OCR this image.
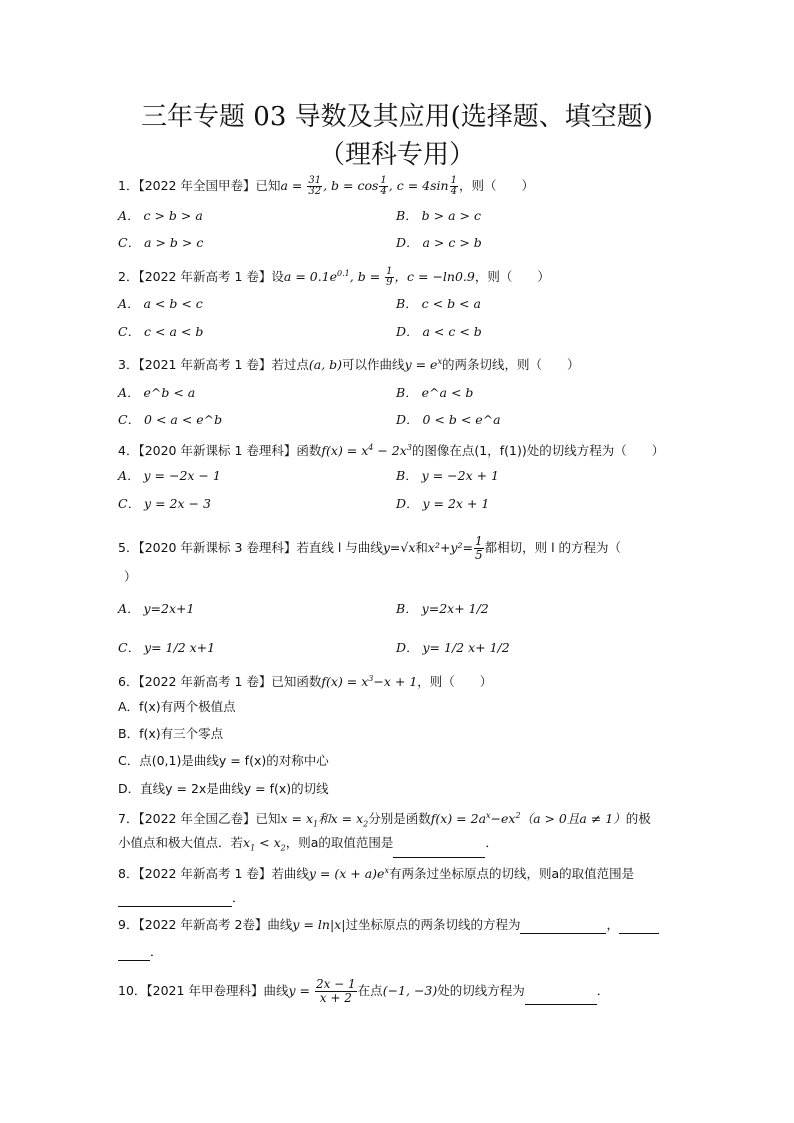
三年专题 03 导数及其应用(选择题、填空题)
（理科专用）
1．【2022 年全国甲卷】已知$a = \frac{31}{32}$ , $b = \cos \frac{1}{4}$ , $c = 4\sin \frac{1}{4}$ ，则（　　）
A． c > b > a	B． b > a > c
C． a > b > c	D． a > c > b
2．【2022 年新高考 1 卷】设$a = 0.1e^{0.1}$, $b = \frac{1}{9}$ ，c = −ln0.9，则（　　）
A． a < b < c	B． c < b < a
C． c < a < b	D． a < c < b
3．【2021 年新高考 1 卷】若过点(a, b)可以作曲线$y = e^x$的两条切线，则（　　）
A． e^b < a	B． e^a < b
C． 0 < a < e^b	D． 0 < b < e^a
4．【2020 年新课标 1 卷理科】函数$f(x) = x^4 - 2x^3$的图像在点(1，f(1))处的切线方程为（　　）
A． y = −2x − 1	B． y = −2x + 1
C． y = 2x − 3	D． y = 2x + 1
5．【2020 年新课标 3 卷理科】若直线 l 与曲线y=√x和$x^2+y^2= \frac{1}{5}$ 都相切，则 l 的方程为（
）
A． y=2x+1	B． y=2x+ 1/2
C． y= 1/2 x+1	D． y= 1/2 x+ 1/2
6．【2022 年新高考 1 卷】已知函数$f(x) = x^3-x + 1$，则（　　）
A．f(x)有两个极值点
B．f(x)有三个零点
C．点(0,1)是曲线y = f(x)的对称中心
D．直线y = 2x是曲线y = f(x)的切线
7．【2022 年全国乙卷】已知$x = x_1$和$x = x_2$分别是函数$f(x) = 2a^x-ex^2(a > 0$且a ≠ 1）的极
小值点和极大值点．若$x_1 < x_2$，则a的取值范围是	．
8．【2022 年新高考 1 卷】若曲线$y = (x + a)e^x$有两条过坐标原点的切线，则a的取值范围是
．
9．【2022 年新高考 2卷】曲线y = ln|x|过坐标原点的两条切线的方程为	，
．
10．【2021 年甲卷理科】曲线$y = \frac{2x - 1}{x + 2}$ 在点(−1, −3)处的切线方程为	．
